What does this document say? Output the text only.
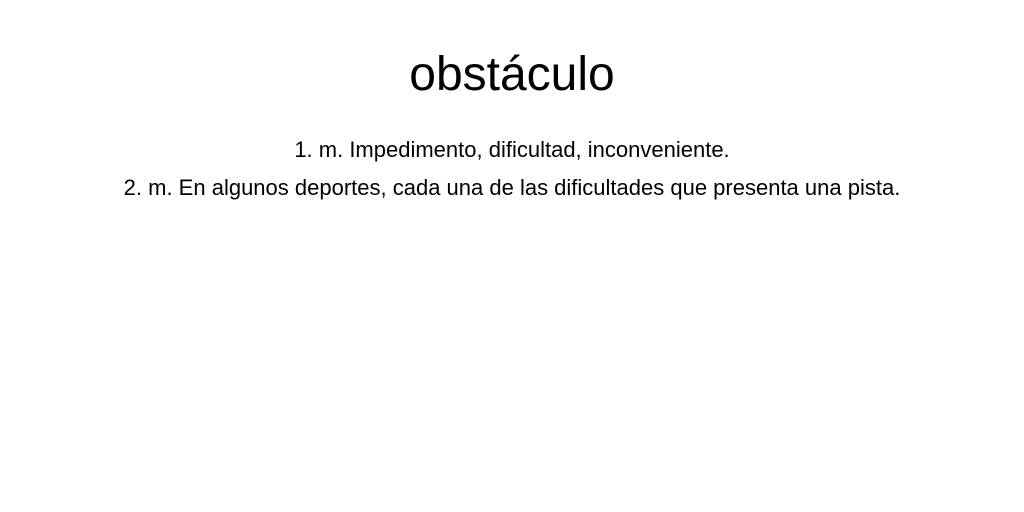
obstáculo
1. m. Impedimento, dificultad, inconveniente.
2. m. En algunos deportes, cada una de las dificultades que presenta una pista.
